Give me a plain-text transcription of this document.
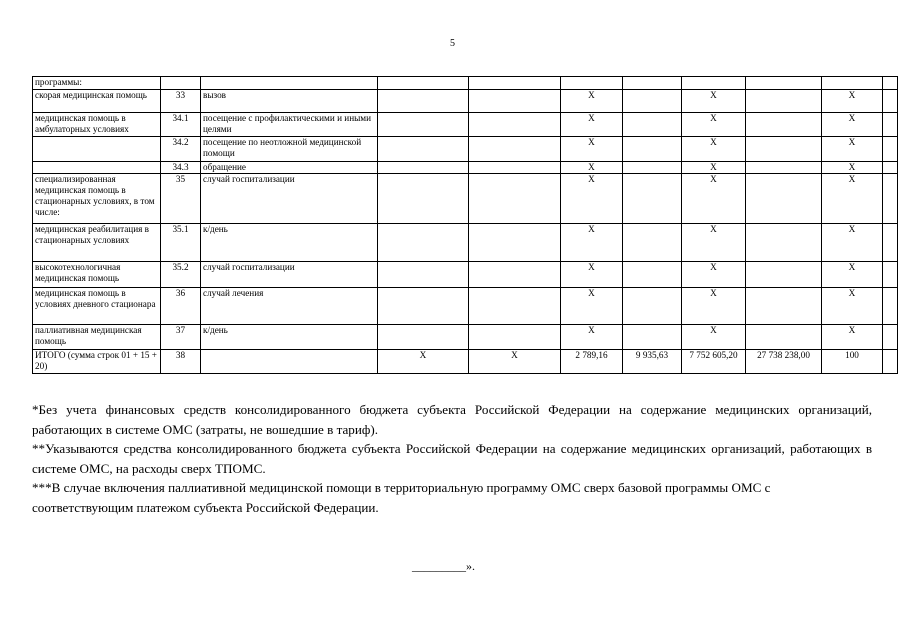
5
программы:										
скорая медицинская помощь	33	вызов			Х		Х		Х	
медицинская помощь в амбулаторных условиях	34.1	посещение с профилактическими и иными целями			Х		Х		Х	
	34.2	посещение по неотложной медицинской помощи			Х		Х		Х	
	34.3	обращение			Х		Х		Х	
специализированная медицинская помощь в стационарных условиях, в том числе:	35	случай госпитализации			Х		Х		Х	
медицинская реабилитация в стационарных условиях	35.1	к/день			Х		Х		Х	
высокотехнологичная медицинская помощь	35.2	случай госпитализации			Х		Х		Х	
медицинская помощь в условиях дневного стационара	36	случай лечения			Х		Х		Х	
паллиативная медицинская помощь	37	к/день			Х		Х		Х	
ИТОГО (сумма строк 01 + 15 + 20)	38		Х	Х	2 789,16	9 935,63	7 752 605,20	27 738 238,00	100	

*Без учета финансовых средств консолидированного бюджета субъекта Российской Федерации на содержание медицинских организаций, работающих в системе ОМС (затраты, не вошедшие в тариф).

**Указываются средства консолидированного бюджета субъекта Российской Федерации на содержание медицинских организаций, работающих в системе ОМС, на расходы сверх ТПОМС.

***В случае включения паллиативной медицинской помощи в территориальную программу ОМС сверх базовой программы ОМС с соответствующим платежом субъекта Российской Федерации.

_________».
